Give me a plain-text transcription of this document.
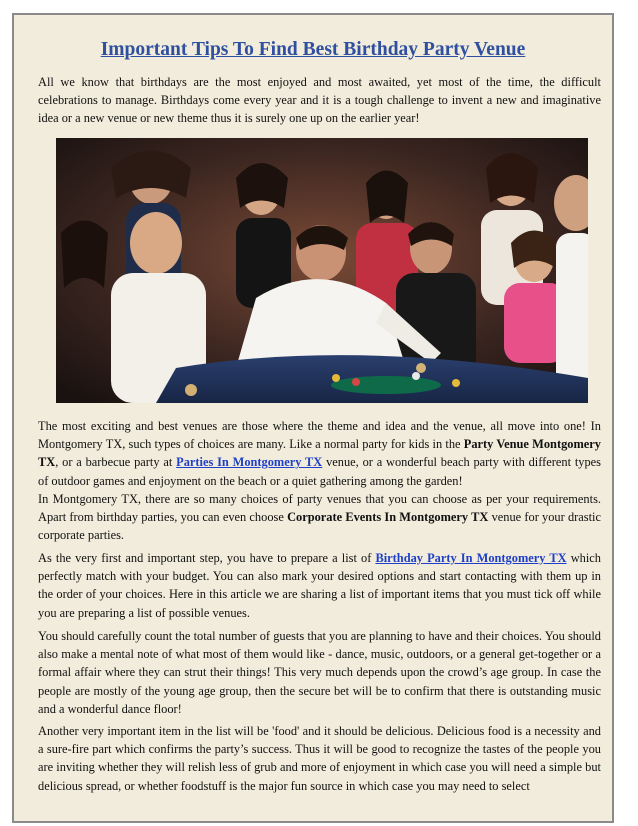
Important Tips To Find Best Birthday Party Venue

All we know that birthdays are the most enjoyed and most awaited, yet most of the time, the difficult celebrations to manage. Birthdays come every year and it is a tough challenge to invent a new and imaginative idea or a new venue or new theme thus it is surely one up on the earlier year!

The most exciting and best venues are those where the theme and idea and the venue, all move into one! In Montgomery TX, such types of choices are many. Like a normal party for kids in the Party Venue Montgomery TX, or a barbecue party at Parties In Montgomery TX venue, or a wonderful beach party with different types of outdoor games and enjoyment on the beach or a quiet gathering among the garden!

In Montgomery TX, there are so many choices of party venues that you can choose as per your requirements. Apart from birthday parties, you can even choose Corporate Events In Montgomery TX venue for your drastic corporate parties.

As the very first and important step, you have to prepare a list of Birthday Party In Montgomery TX which perfectly match with your budget. You can also mark your desired options and start contacting with them up in the order of your choices. Here in this article we are sharing a list of important items that you must tick off while you are preparing a list of possible venues.

You should carefully count the total number of guests that you are planning to have and their choices. You should also make a mental note of what most of them would like - dance, music, outdoors, or a general get-together or a formal affair where they can strut their things! This very much depends upon the crowd’s age group. In case the people are mostly of the young age group, then the secure bet will be to confirm that there is outstanding music and a wonderful dance floor!

Another very important item in the list will be 'food' and it should be delicious. Delicious food is a necessity and a sure-fire part which confirms the party’s success. Thus it will be good to recognize the tastes of the people you are inviting whether they will relish less of grub and more of enjoyment in which case you will need a simple but delicious spread, or whether foodstuff is the major fun source in which case you may need to select
